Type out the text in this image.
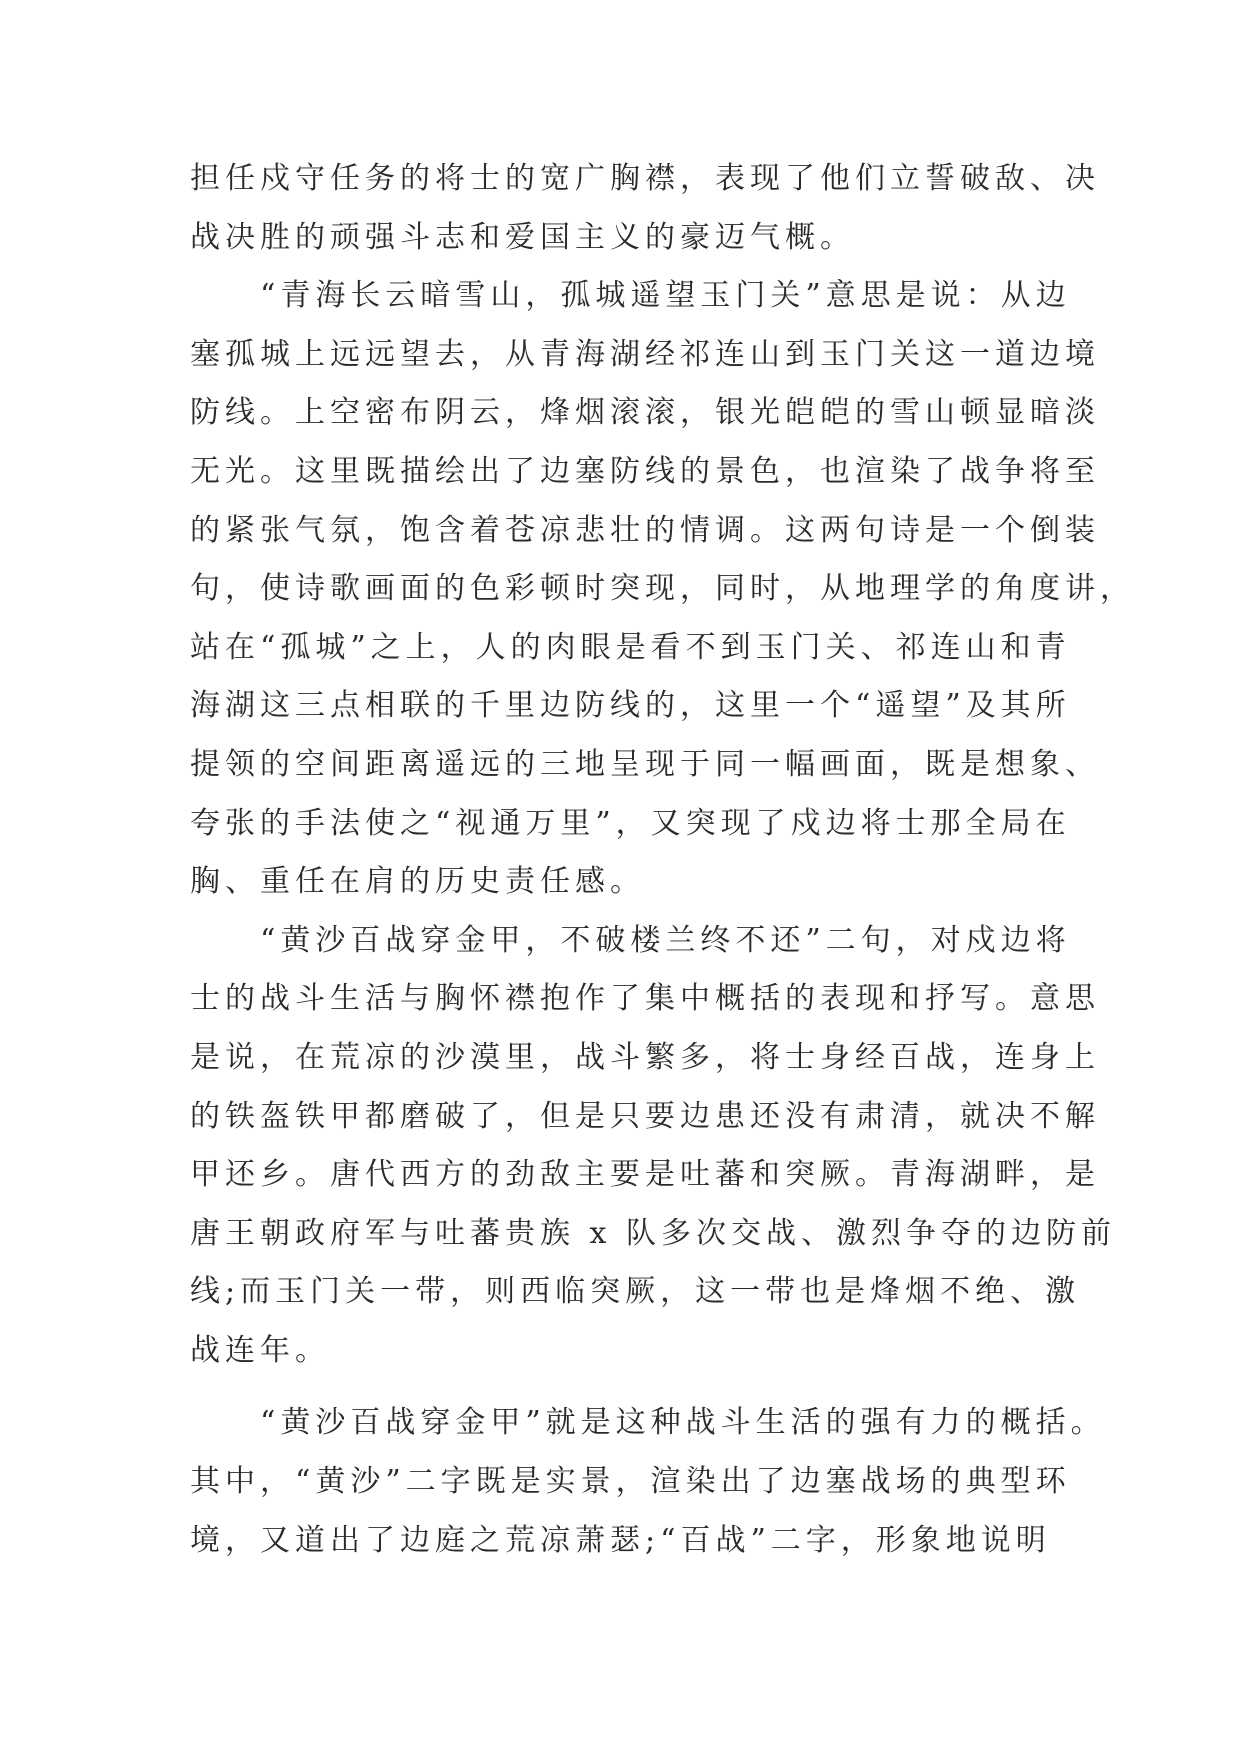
担任戍守任务的将士的宽广胸襟，表现了他们立誓破敌、决
战决胜的顽强斗志和爱国主义的豪迈气概。
　　“青海长云暗雪山，孤城遥望玉门关”意思是说：从边
塞孤城上远远望去，从青海湖经祁连山到玉门关这一道边境
防线。上空密布阴云，烽烟滚滚，银光皑皑的雪山顿显暗淡
无光。这里既描绘出了边塞防线的景色，也渲染了战争将至
的紧张气氛，饱含着苍凉悲壮的情调。这两句诗是一个倒装
句，使诗歌画面的色彩顿时突现，同时，从地理学的角度讲，
站在“孤城”之上，人的肉眼是看不到玉门关、祁连山和青
海湖这三点相联的千里边防线的，这里一个“遥望”及其所
提领的空间距离遥远的三地呈现于同一幅画面，既是想象、
夸张的手法使之“视通万里”，又突现了戍边将士那全局在
胸、重任在肩的历史责任感。
　　“黄沙百战穿金甲，不破楼兰终不还”二句，对戍边将
士的战斗生活与胸怀襟抱作了集中概括的表现和抒写。意思
是说，在荒凉的沙漠里，战斗繁多，将士身经百战，连身上
的铁盔铁甲都磨破了，但是只要边患还没有肃清，就决不解
甲还乡。唐代西方的劲敌主要是吐蕃和突厥。青海湖畔，是
唐王朝政府军与吐蕃贵族 x 队多次交战、激烈争夺的边防前
线;而玉门关一带，则西临突厥，这一带也是烽烟不绝、激
战连年。
　　“黄沙百战穿金甲”就是这种战斗生活的强有力的概括。
其中，“黄沙”二字既是实景，渲染出了边塞战场的典型环
境，又道出了边庭之荒凉萧瑟;“百战”二字，形象地说明
